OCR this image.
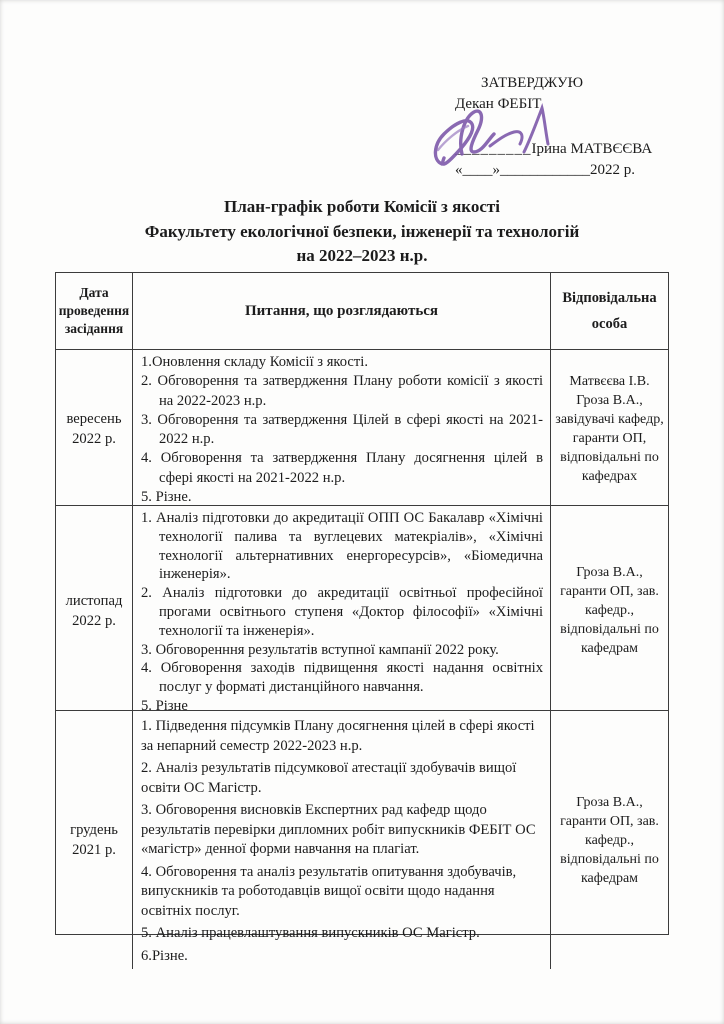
ЗАТВЕРДЖУЮ
Декан ФЕБІТ
_________Ірина МАТВЄЄВА
«____»____________2022 р.
План-графік роботи Комісії з якості
Факультету екологічної безпеки, інженерії та технологій
на 2022–2023 н.р.
Дата проведення засідання
Питання, що розглядаються
Відповідальна особа
вересень 2022 р.
1.Оновлення складу Комісії з якості.
2. Обговорення та затвердження Плану роботи комісії з якості на 2022-2023 н.р.
3. Обговорення та затвердження Цілей в сфері якості на 2021-2022 н.р.
4. Обговорення та затвердження Плану досягнення цілей в сфері якості на 2021-2022 н.р.
5. Різне.
Матвєєва І.В. Гроза В.А., завідувачі кафедр, гаранти ОП, відповідальні по кафедрах
листопад 2022 р.
1. Аналіз підготовки до акредитації ОПП ОС Бакалавр «Хімічні технології палива та вуглецевих матекріалів», «Хімічні технології альтернативних енергоресурсів», «Біомедична інженерія».
2. Аналіз підготовки до акредитації освітньої професійної прогами освітнього ступеня «Доктор філософії» «Хімічні технології та інженерія».
3. Обговоренння результатів вступної кампанії 2022 року.
4. Обговорення заходів підвищення якості надання освітніх послуг у форматі дистанційного навчання.
5. Різне
Гроза В.А., гаранти ОП, зав. кафедр., відповідальні по кафедрам
грудень 2021 р.
1. Підведення підсумків Плану досягнення цілей в сфері якості за непарний семестр 2022-2023 н.р.
2. Аналіз результатів підсумкової атестації здобувачів вищої освіти ОС Магістр.
3. Обговорення висновків Експертних рад кафедр щодо результатів перевірки дипломних робіт випускників ФЕБІТ ОС «магістр» денної форми навчання на плагіат.
4. Обговорення та аналіз результатів опитування здобувачів, випускників та роботодавців вищої освіти щодо надання освітніх послуг.
5. Аналіз працевлаштування випускників ОС Магістр.
6.Різне.
Гроза В.А., гаранти ОП, зав. кафедр., відповідальні по кафедрам
